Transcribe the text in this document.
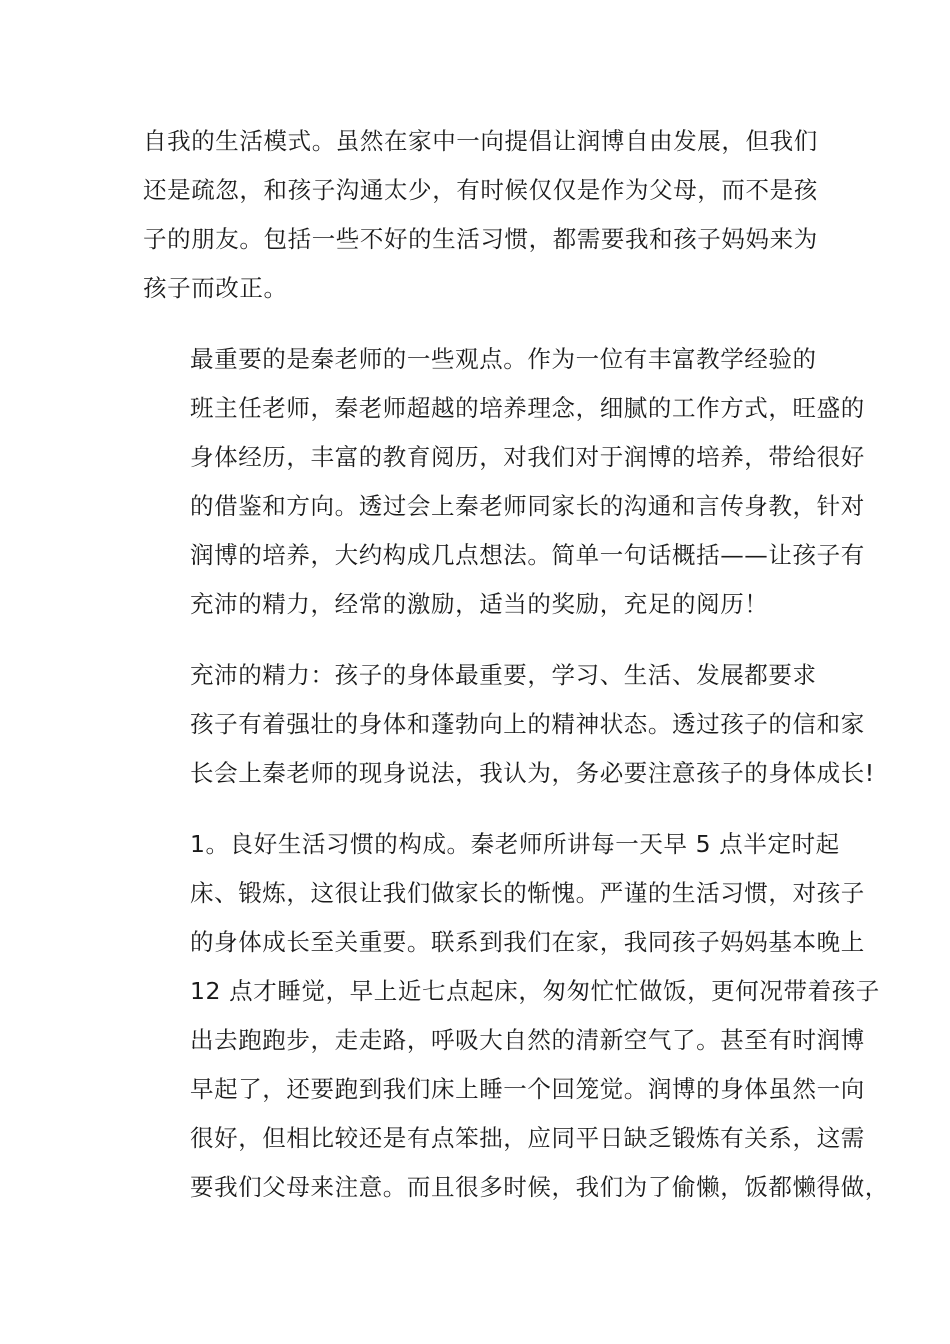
自我的生活模式。虽然在家中一向提倡让润博自由发展，但我们
还是疏忽，和孩子沟通太少，有时候仅仅是作为父母，而不是孩
子的朋友。包括一些不好的生活习惯，都需要我和孩子妈妈来为
孩子而改正。
最重要的是秦老师的一些观点。作为一位有丰富教学经验的
班主任老师，秦老师超越的培养理念，细腻的工作方式，旺盛的
身体经历，丰富的教育阅历，对我们对于润博的培养，带给很好
的借鉴和方向。透过会上秦老师同家长的沟通和言传身教，针对
润博的培养，大约构成几点想法。简单一句话概括——让孩子有
充沛的精力，经常的激励，适当的奖励，充足的阅历！
充沛的精力：孩子的身体最重要，学习、生活、发展都要求
孩子有着强壮的身体和蓬勃向上的精神状态。透过孩子的信和家
长会上秦老师的现身说法，我认为，务必要注意孩子的身体成长!
1。良好生活习惯的构成。秦老师所讲每一天早 5 点半定时起
床、锻炼，这很让我们做家长的惭愧。严谨的生活习惯，对孩子
的身体成长至关重要。联系到我们在家，我同孩子妈妈基本晚上
12 点才睡觉，早上近七点起床，匆匆忙忙做饭，更何况带着孩子
出去跑跑步，走走路，呼吸大自然的清新空气了。甚至有时润博
早起了，还要跑到我们床上睡一个回笼觉。润博的身体虽然一向
很好，但相比较还是有点笨拙，应同平日缺乏锻炼有关系，这需
要我们父母来注意。而且很多时候，我们为了偷懒，饭都懒得做，
